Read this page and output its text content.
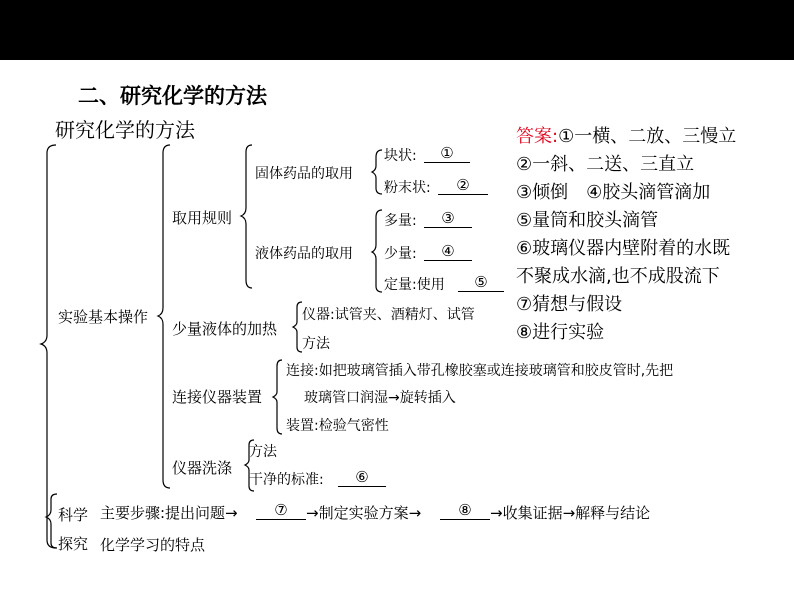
二、研究化学的方法
研究化学的方法
实验基本操作
取用规则
固体药品的取用
液体药品的取用
块状:	①
粉末状:	②
多量:	③
少量:	④
定量:使用	⑤
少量液体的加热
仪器:试管夹、酒精灯、试管
方法
连接仪器装置
连接:如把玻璃管插入带孔橡胶塞或连接玻璃管和胶皮管时,先把
玻璃管口润湿→旋转插入
装置:检验气密性
仪器洗涤
方法
干净的标准:	⑥
科学
探究
主要步骤:提出问题→	⑦	→制定实验方案→	⑧	→收集证据→解释与结论
化学学习的特点
答案:①一横、二放、三慢立
②一斜、二送、三直立
③倾倒　④胶头滴管滴加
⑤量筒和胶头滴管
⑥玻璃仪器内壁附着的水既
不聚成水滴,也不成股流下
⑦猜想与假设
⑧进行实验
